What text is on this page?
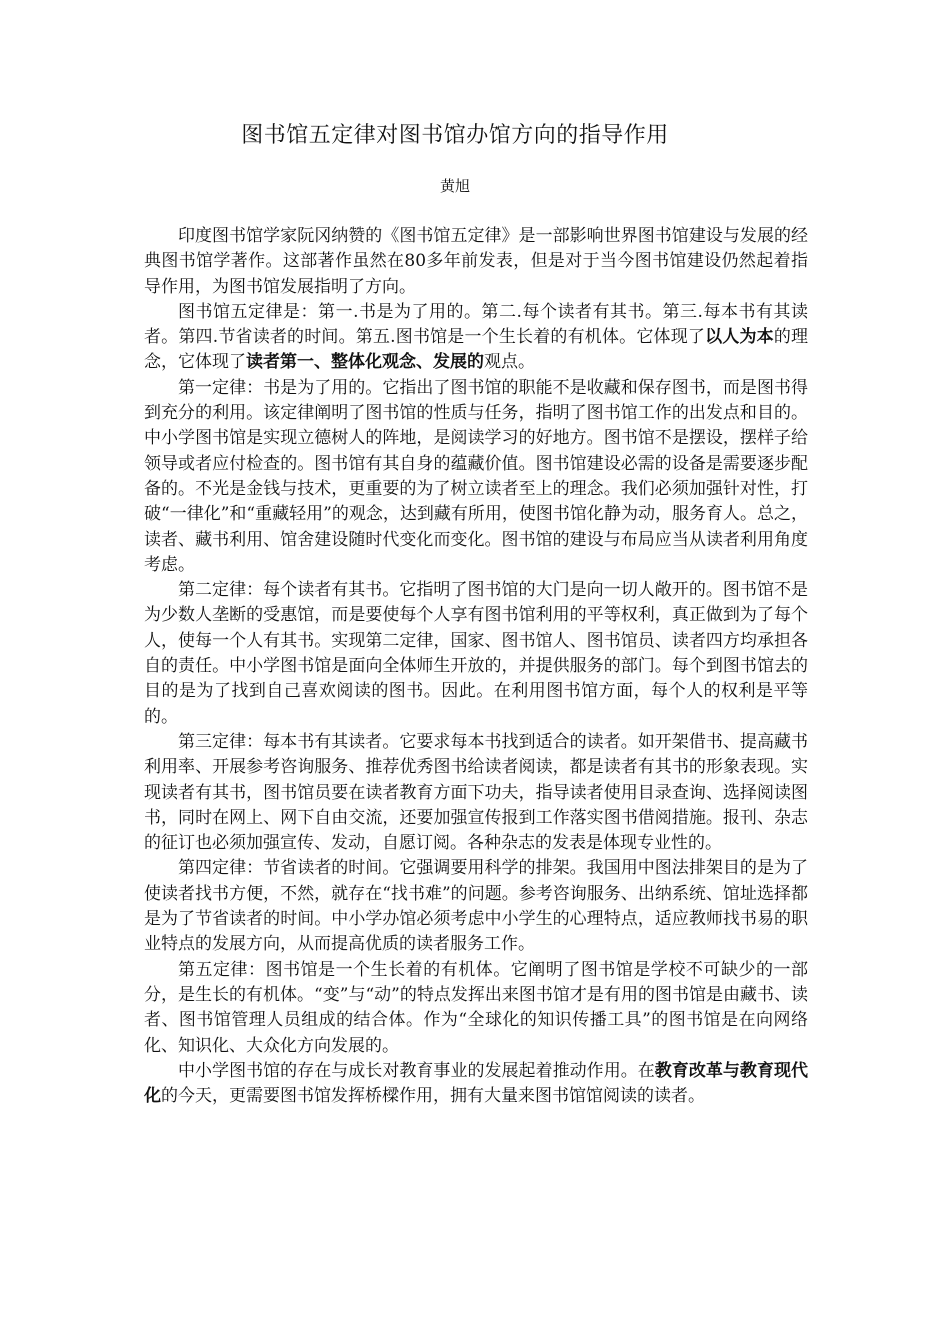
图书馆五定律对图书馆办馆方向的指导作用
黄旭

印度图书馆学家阮冈纳赞的《图书馆五定律》是一部影响世界图书馆建设与发展的经典图书馆学著作。这部著作虽然在80多年前发表，但是对于当今图书馆建设仍然起着指导作用，为图书馆发展指明了方向。

图书馆五定律是：第一.书是为了用的。第二.每个读者有其书。第三.每本书有其读者。第四.节省读者的时间。第五.图书馆是一个生长着的有机体。它体现了以人为本的理念，它体现了读者第一、整体化观念、发展的观点。

第一定律：书是为了用的。它指出了图书馆的职能不是收藏和保存图书，而是图书得到充分的利用。该定律阐明了图书馆的性质与任务，指明了图书馆工作的出发点和目的。中小学图书馆是实现立德树人的阵地，是阅读学习的好地方。图书馆不是摆设，摆样子给领导或者应付检查的。图书馆有其自身的蕴藏价值。图书馆建设必需的设备是需要逐步配备的。不光是金钱与技术，更重要的为了树立读者至上的理念。我们必须加强针对性，打破“一律化”和“重藏轻用”的观念，达到藏有所用，使图书馆化静为动，服务育人。总之，读者、藏书利用、馆舍建设随时代变化而变化。图书馆的建设与布局应当从读者利用角度考虑。

第二定律：每个读者有其书。它指明了图书馆的大门是向一切人敞开的。图书馆不是为少数人垄断的受惠馆，而是要使每个人享有图书馆利用的平等权利，真正做到为了每个人，使每一个人有其书。实现第二定律，国家、图书馆人、图书馆员、读者四方均承担各自的责任。中小学图书馆是面向全体师生开放的，并提供服务的部门。每个到图书馆去的目的是为了找到自己喜欢阅读的图书。因此。在利用图书馆方面，每个人的权利是平等的。

第三定律：每本书有其读者。它要求每本书找到适合的读者。如开架借书、提高藏书利用率、开展参考咨询服务、推荐优秀图书给读者阅读，都是读者有其书的形象表现。实现读者有其书，图书馆员要在读者教育方面下功夫，指导读者使用目录查询、选择阅读图书，同时在网上、网下自由交流，还要加强宣传报到工作落实图书借阅措施。报刊、杂志的征订也必须加强宣传、发动，自愿订阅。各种杂志的发表是体现专业性的。

第四定律：节省读者的时间。它强调要用科学的排架。我国用中图法排架目的是为了使读者找书方便，不然，就存在“找书难”的问题。参考咨询服务、出纳系统、馆址选择都是为了节省读者的时间。中小学办馆必须考虑中小学生的心理特点，适应教师找书易的职业特点的发展方向，从而提高优质的读者服务工作。

第五定律：图书馆是一个生长着的有机体。它阐明了图书馆是学校不可缺少的一部分，是生长的有机体。“变”与“动”的特点发挥出来图书馆才是有用的图书馆是由藏书、读者、图书馆管理人员组成的结合体。作为“全球化的知识传播工具”的图书馆是在向网络化、知识化、大众化方向发展的。

中小学图书馆的存在与成长对教育事业的发展起着推动作用。在教育改革与教育现代化的今天，更需要图书馆发挥桥樑作用，拥有大量来图书馆馆阅读的读者。
